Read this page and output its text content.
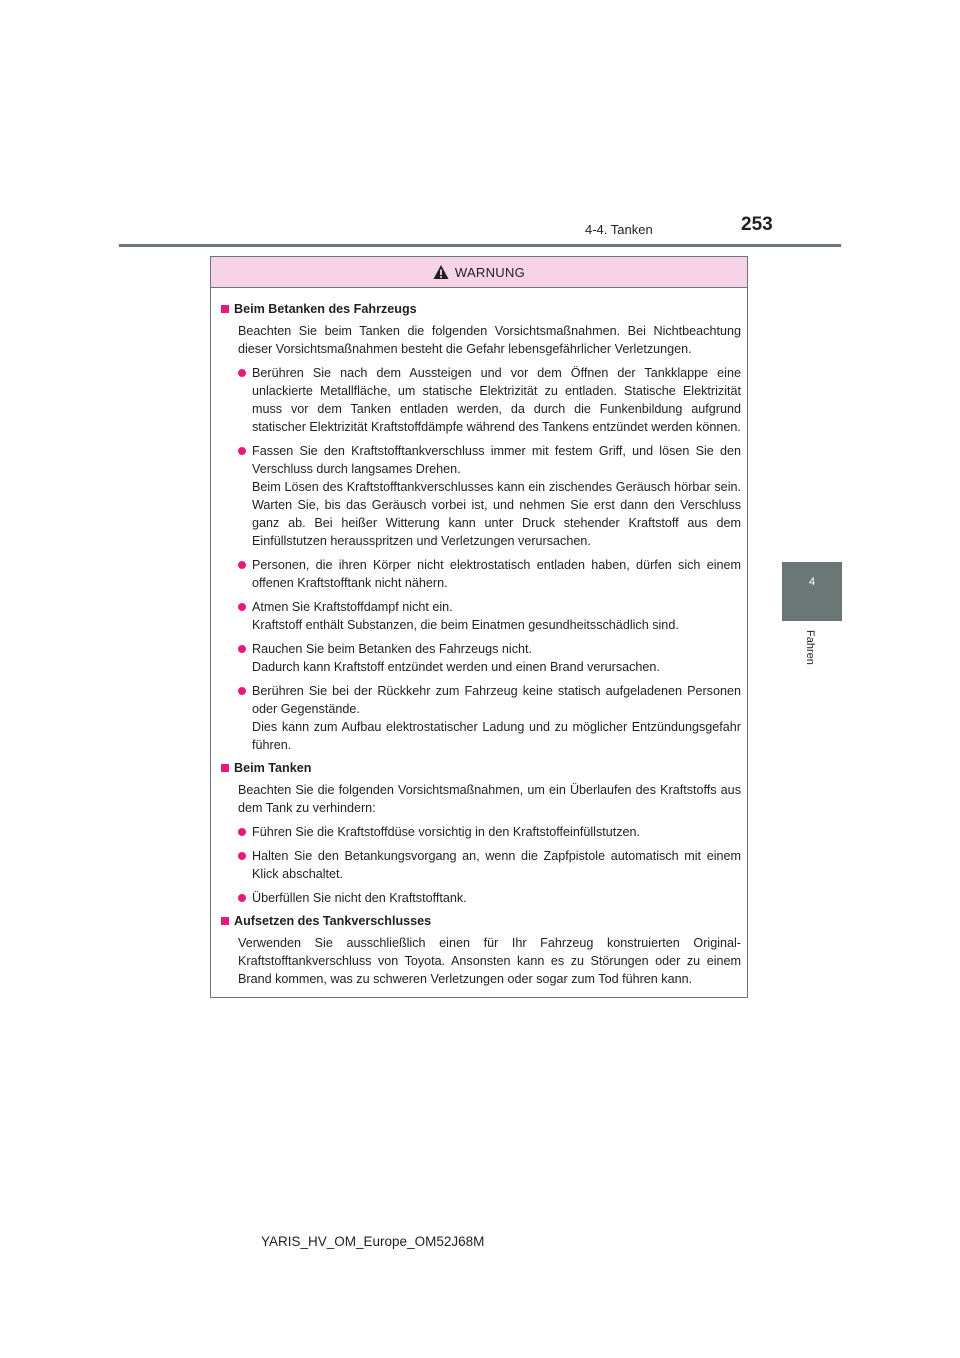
4-4. Tanken	253
4
Fahren
WARNUNG
Beim Betanken des Fahrzeugs
Beachten Sie beim Tanken die folgenden Vorsichtsmaßnahmen. Bei Nichtbeachtung dieser Vorsichtsmaßnahmen besteht die Gefahr lebensgefährlicher Verletzungen.
Berühren Sie nach dem Aussteigen und vor dem Öffnen der Tankklappe eine unlackierte Metallfläche, um statische Elektrizität zu entladen. Statische Elektrizität muss vor dem Tanken entladen werden, da durch die Funkenbildung aufgrund statischer Elektrizität Kraftstoffdämpfe während des Tankens entzündet werden können.
Fassen Sie den Kraftstofftankverschluss immer mit festem Griff, und lösen Sie den Verschluss durch langsames Drehen.
Beim Lösen des Kraftstofftankverschlusses kann ein zischendes Geräusch hörbar sein. Warten Sie, bis das Geräusch vorbei ist, und nehmen Sie erst dann den Verschluss ganz ab. Bei heißer Witterung kann unter Druck stehender Kraftstoff aus dem Einfüllstutzen herausspritzen und Verletzungen verursachen.
Personen, die ihren Körper nicht elektrostatisch entladen haben, dürfen sich einem offenen Kraftstofftank nicht nähern.
Atmen Sie Kraftstoffdampf nicht ein.
Kraftstoff enthält Substanzen, die beim Einatmen gesundheitsschädlich sind.
Rauchen Sie beim Betanken des Fahrzeugs nicht.
Dadurch kann Kraftstoff entzündet werden und einen Brand verursachen.
Berühren Sie bei der Rückkehr zum Fahrzeug keine statisch aufgeladenen Personen oder Gegenstände.
Dies kann zum Aufbau elektrostatischer Ladung und zu möglicher Entzündungsgefahr führen.
Beim Tanken
Beachten Sie die folgenden Vorsichtsmaßnahmen, um ein Überlaufen des Kraftstoffs aus dem Tank zu verhindern:
Führen Sie die Kraftstoffdüse vorsichtig in den Kraftstoffeinfüllstutzen.
Halten Sie den Betankungsvorgang an, wenn die Zapfpistole automatisch mit einem Klick abschaltet.
Überfüllen Sie nicht den Kraftstofftank.
Aufsetzen des Tankverschlusses
Verwenden Sie ausschließlich einen für Ihr Fahrzeug konstruierten Original-Kraftstofftankverschluss von Toyota. Ansonsten kann es zu Störungen oder zu einem Brand kommen, was zu schweren Verletzungen oder sogar zum Tod führen kann.
YARIS_HV_OM_Europe_OM52J68M
